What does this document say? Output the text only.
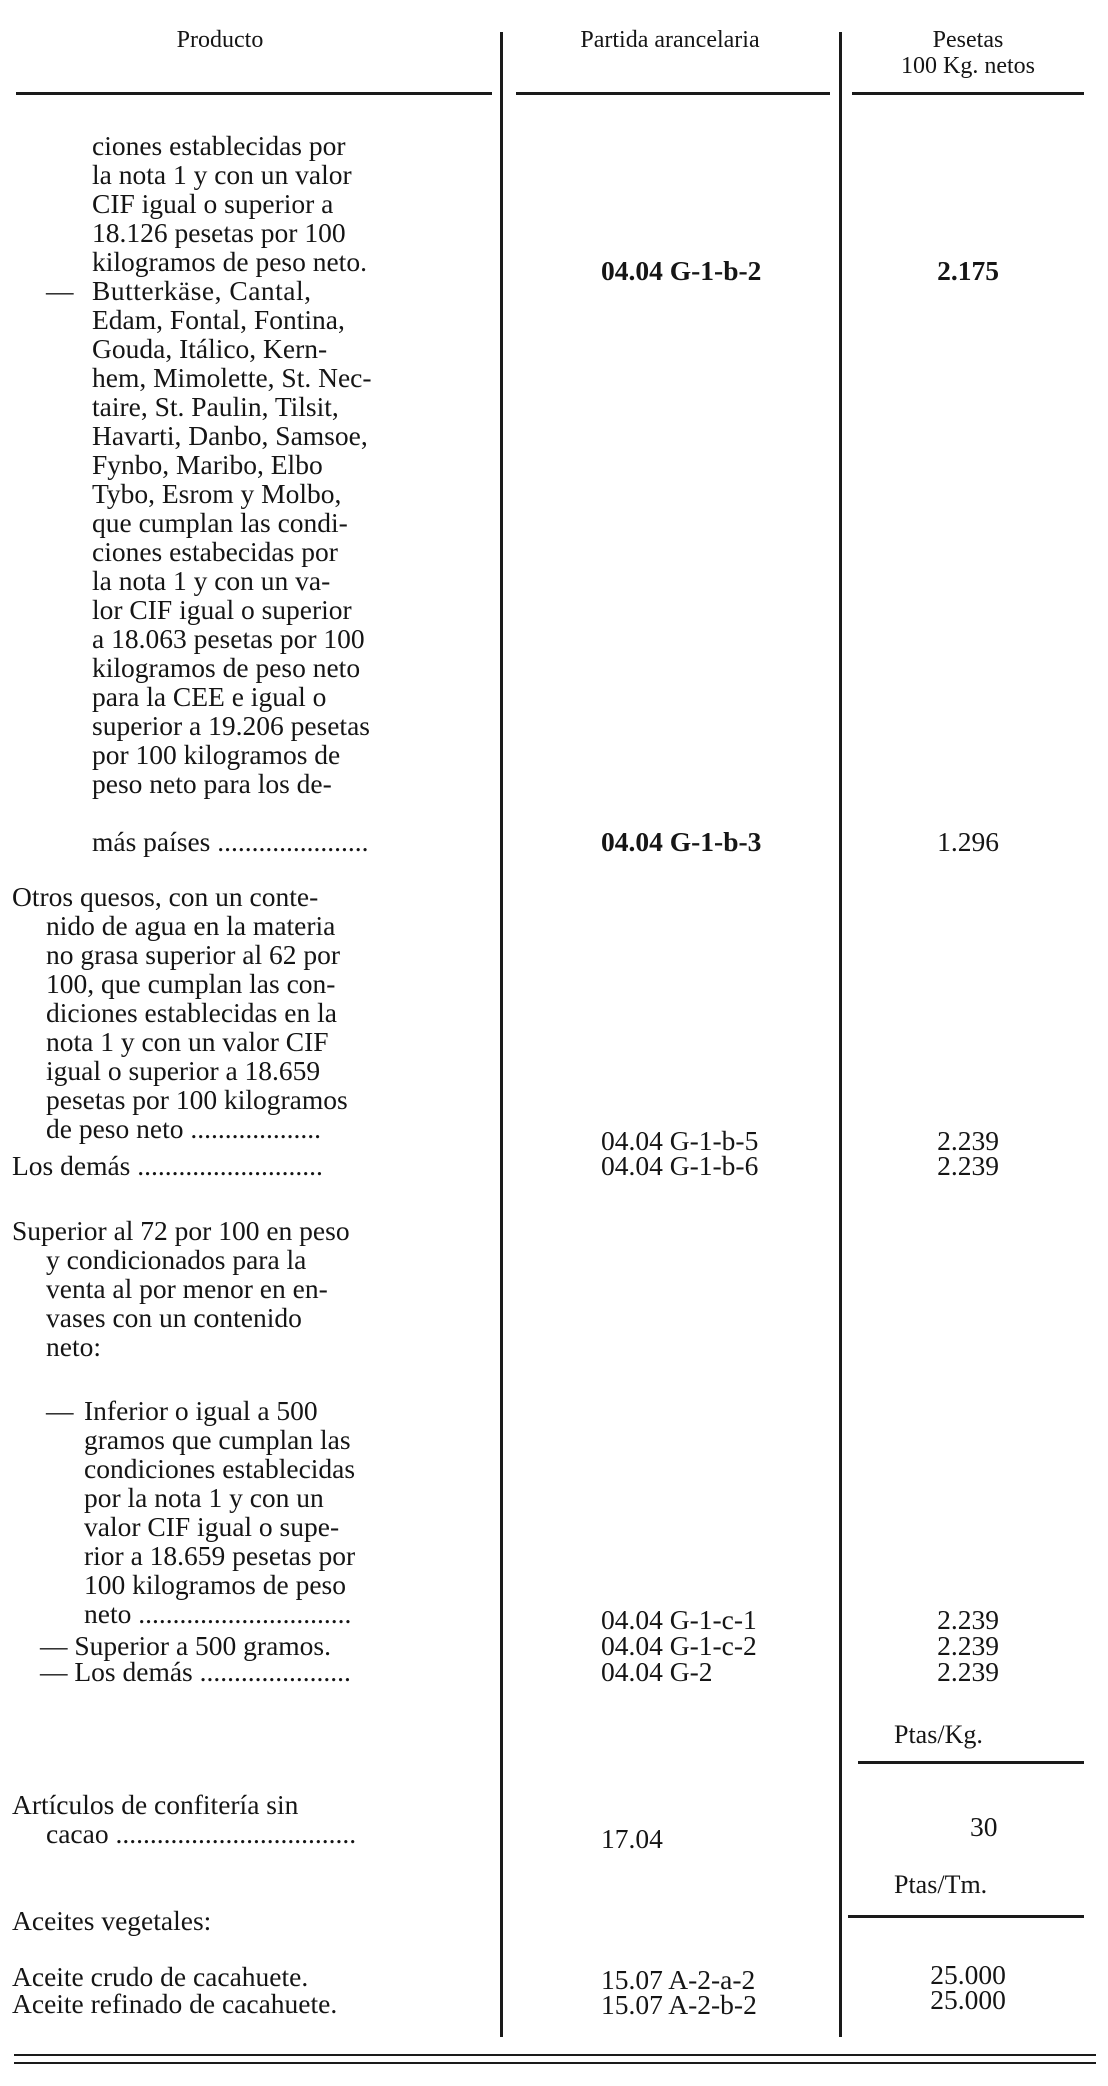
Producto	Partida arancelaria	Pesetas
100 Kg. netos
ciones establecidas por
la nota 1 y con un valor
CIF igual o superior a
18.126 pesetas por 100
kilogramos de peso neto.	04.04 G-1-b-2	2.175
— Butterkäse, Cantal,
Edam, Fontal, Fontina,
Gouda, Itálico, Kern-
hem, Mimolette, St. Nec-
taire, St. Paulin, Tilsit,
Havarti, Danbo, Samsoe,
Fynbo, Maribo, Elbo
Tybo, Esrom y Molbo,
que cumplan las condi-
ciones estabecidas por
la nota 1 y con un va-
lor CIF igual o superior
a 18.063 pesetas por 100
kilogramos de peso neto
para la CEE e igual o
superior a 19.206 pesetas
por 100 kilogramos de
peso neto para los de-
más países ......................	04.04 G-1-b-3	1.296
Otros quesos, con un conte-
nido de agua en la materia
no grasa superior al 62 por
100, que cumplan las con-
diciones establecidas en la
nota 1 y con un valor CIF
igual o superior a 18.659
pesetas por 100 kilogramos
de peso neto ...................	04.04 G-1-b-5	2.239
Los demás ...........................	04.04 G-1-b-6	2.239
Superior al 72 por 100 en peso
y condicionados para la
venta al por menor en en-
vases con un contenido
neto:
— Inferior o igual a 500
gramos que cumplan las
condiciones establecidas
por la nota 1 y con un
valor CIF igual o supe-
rior a 18.659 pesetas por
100 kilogramos de peso
neto ...............................	04.04 G-1-c-1	2.239
— Superior a 500 gramos.	04.04 G-1-c-2	2.239
— Los demás ......................	04.04 G-2	2.239
Ptas/Kg.
Artículos de confitería sin
cacao ...................................	17.04	30
Ptas/Tm.
Aceites vegetales:
Aceite crudo de cacahuete.	15.07 A-2-a-2	25.000
Aceite refinado de cacahuete.	15.07 A-2-b-2	25.000
